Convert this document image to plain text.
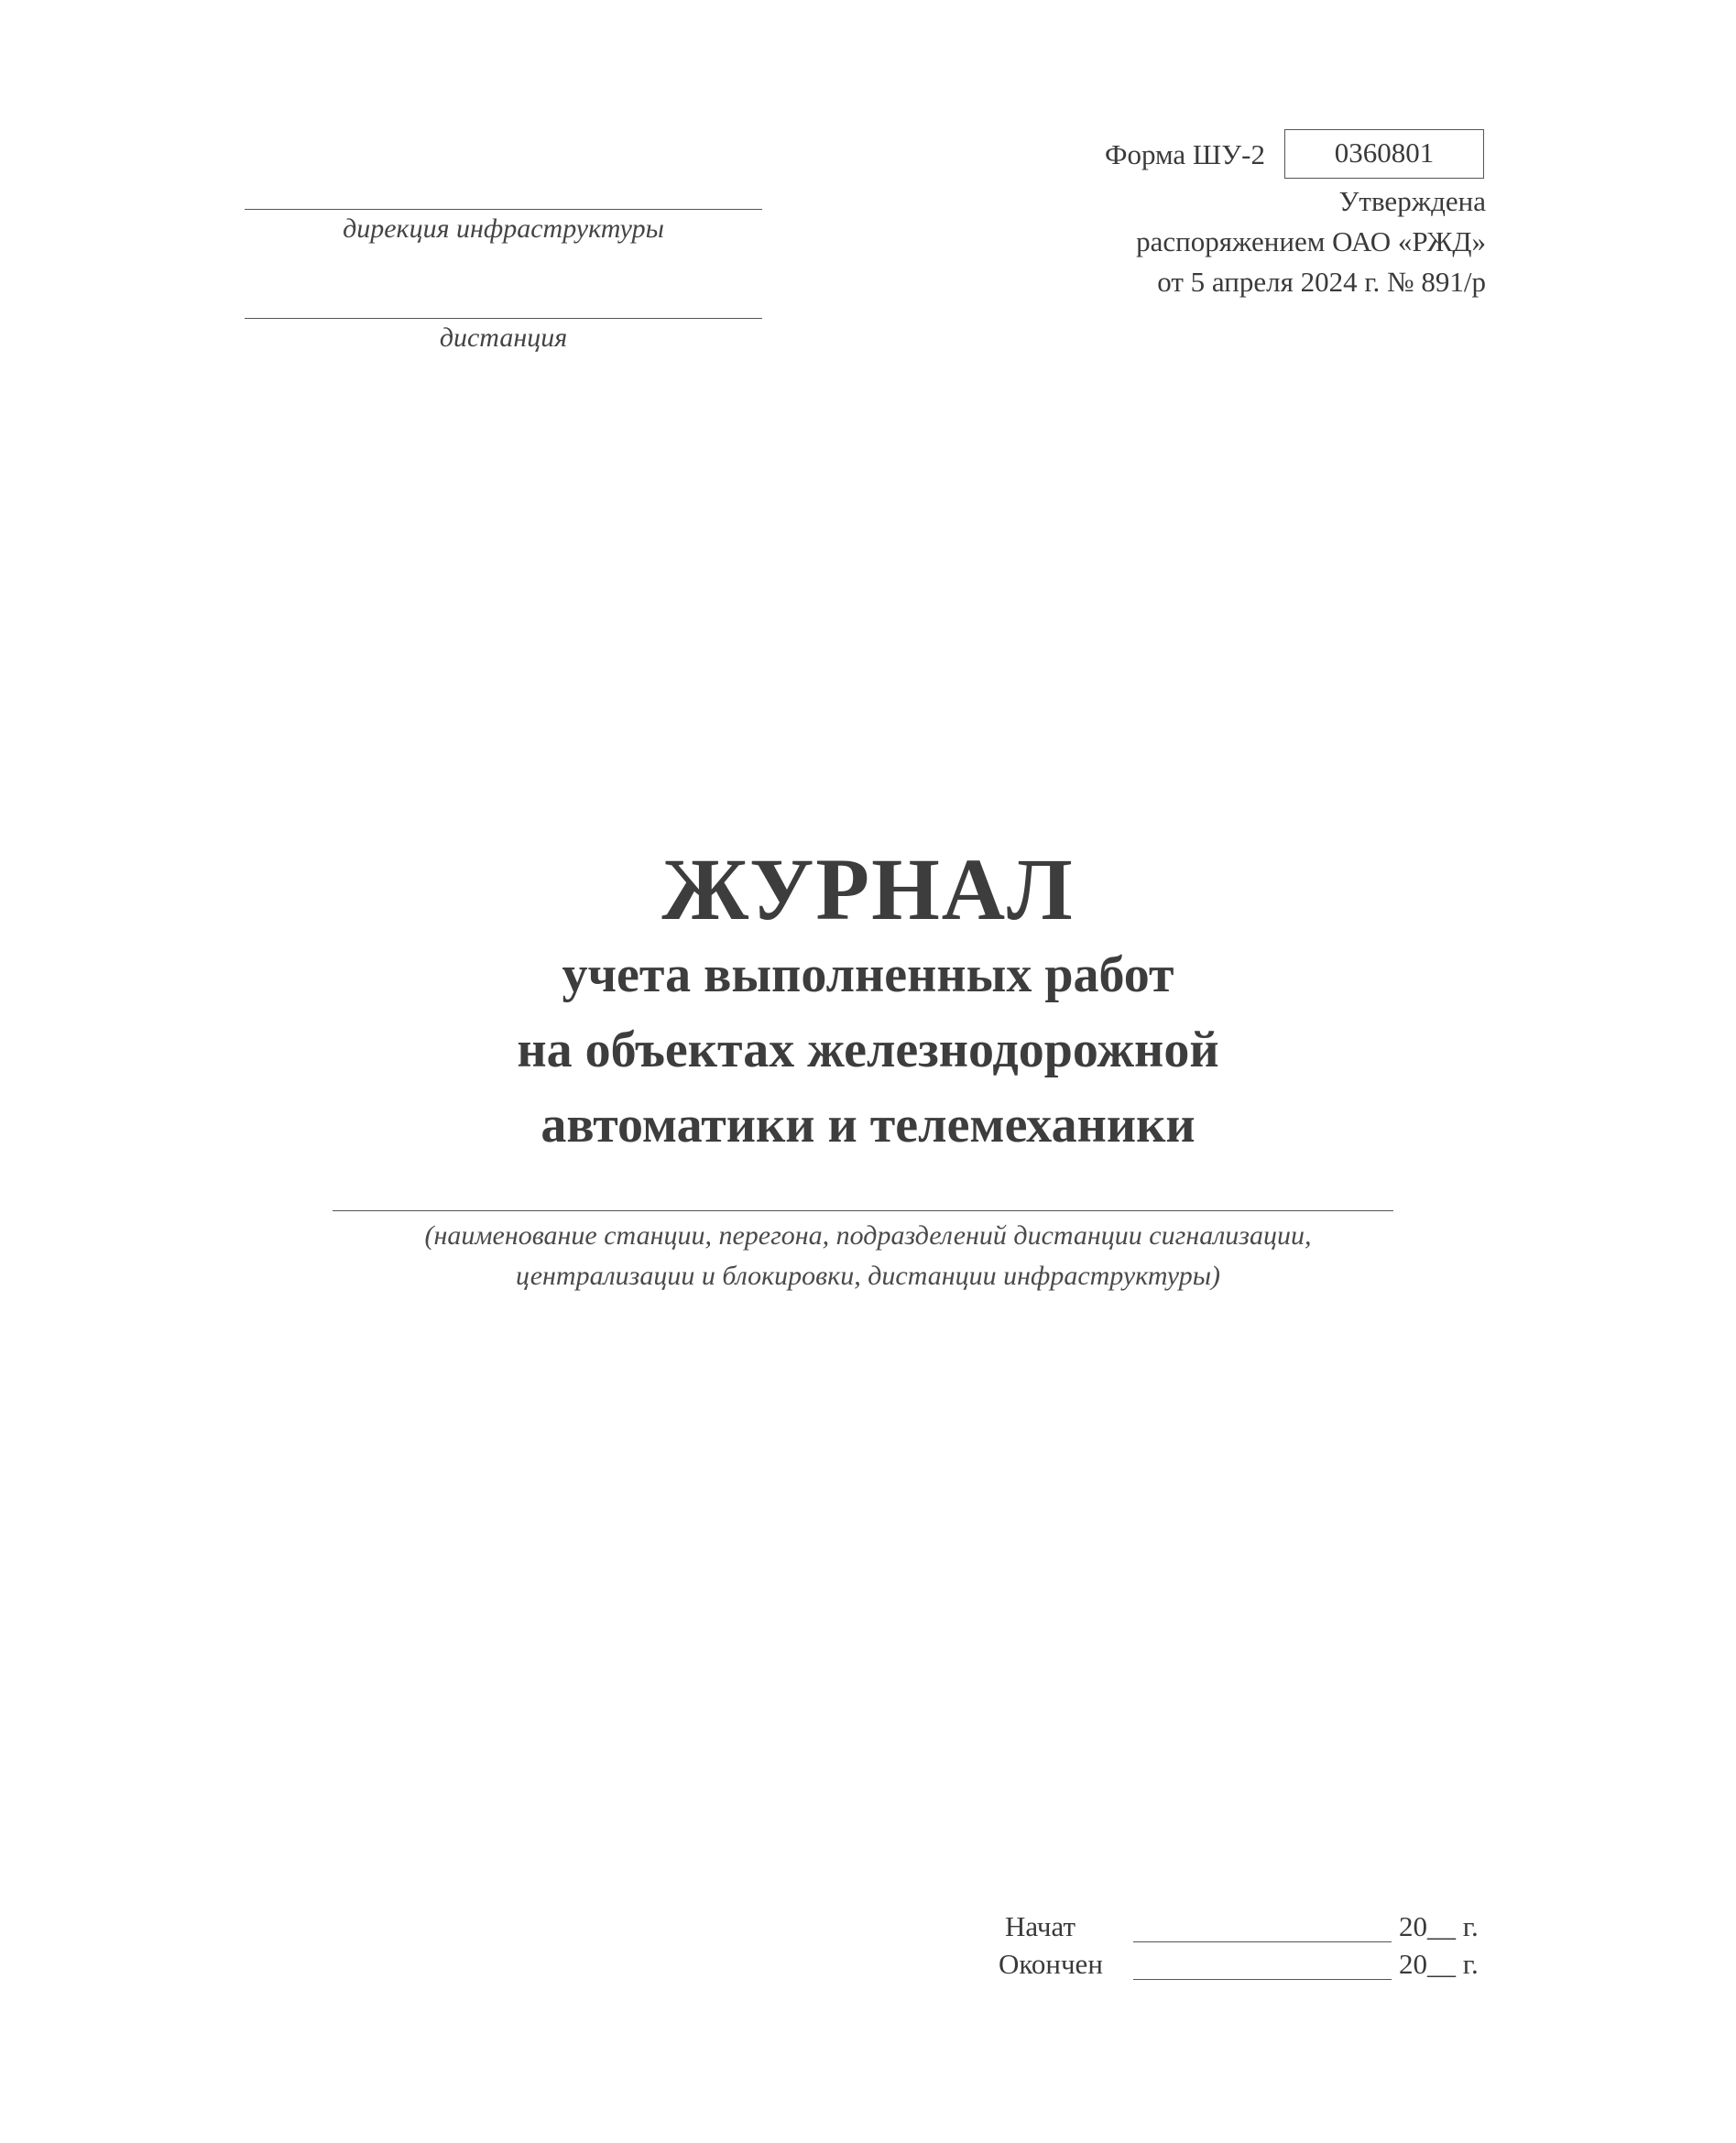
дирекция инфраструктуры
дистанция
Форма ШУ-2	0360801
Утверждена
распоряжением ОАО «РЖД»
от 5 апреля 2024 г. № 891/р
ЖУРНАЛ
учета выполненных работ
на объектах железнодорожной
автоматики и телемеханики
(наименование станции, перегона, подразделений дистанции сигнализации,
централизации и блокировки, дистанции инфраструктуры)
Начат	20__ г.
Окончен	20__ г.
